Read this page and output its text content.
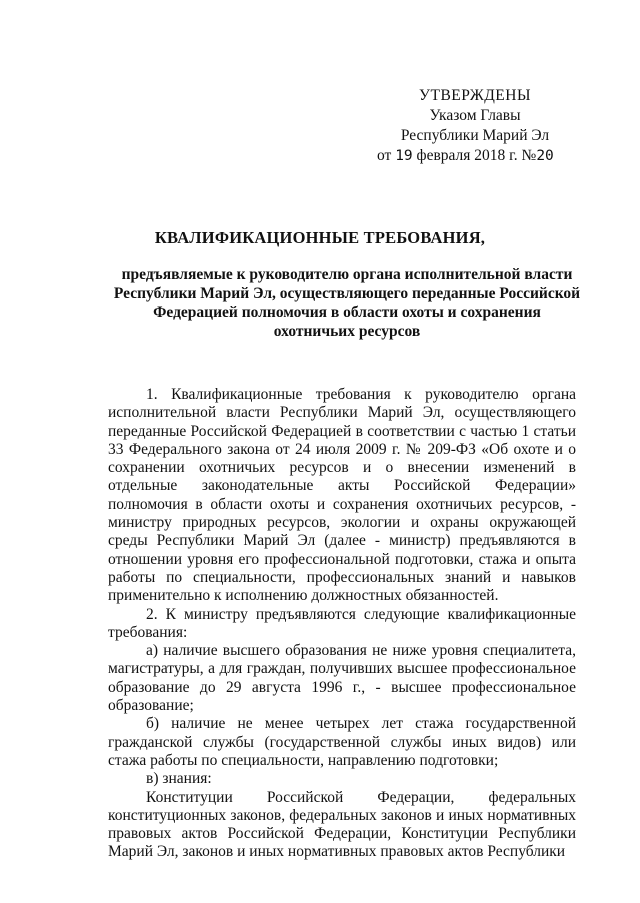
УТВЕРЖДЕНЫ
Указом Главы
Республики Марий Эл
от 19 февраля 2018 г. №20
КВАЛИФИКАЦИОННЫЕ ТРЕБОВАНИЯ,
предъявляемые к руководителю органа исполнительной власти
Республики Марий Эл, осуществляющего переданные Российской
Федерацией полномочия в области охоты и сохранения
охотничьих ресурсов

1. Квалификационные требования к руководителю органа исполнительной власти Республики Марий Эл, осуществляющего переданные Российской Федерацией в соответствии с частью 1 статьи 33 Федерального закона от 24 июля 2009 г. № 209-ФЗ «Об охоте и о сохранении охотничьих ресурсов и о внесении изменений в отдельные законодательные акты Российской Федерации» полномочия в области охоты и сохранения охотничьих ресурсов, - министру природных ресурсов, экологии и охраны окружающей среды Республики Марий Эл (далее - министр) предъявляются в отношении уровня его профессиональной подготовки, стажа и опыта работы по специальности, профессиональных знаний и навыков применительно к исполнению должностных обязанностей.

2. К министру предъявляются следующие квалификационные требования:

а) наличие высшего образования не ниже уровня специалитета, магистратуры, а для граждан, получивших высшее профессиональное образование до 29 августа 1996 г., - высшее профессиональное образование;

б) наличие не менее четырех лет стажа государственной гражданской службы (государственной службы иных видов) или стажа работы по специальности, направлению подготовки;

в) знания:

Конституции Российской Федерации, федеральных конституционных законов, федеральных законов и иных нормативных правовых актов Российской Федерации, Конституции Республики Марий Эл, законов и иных нормативных правовых актов Республики
